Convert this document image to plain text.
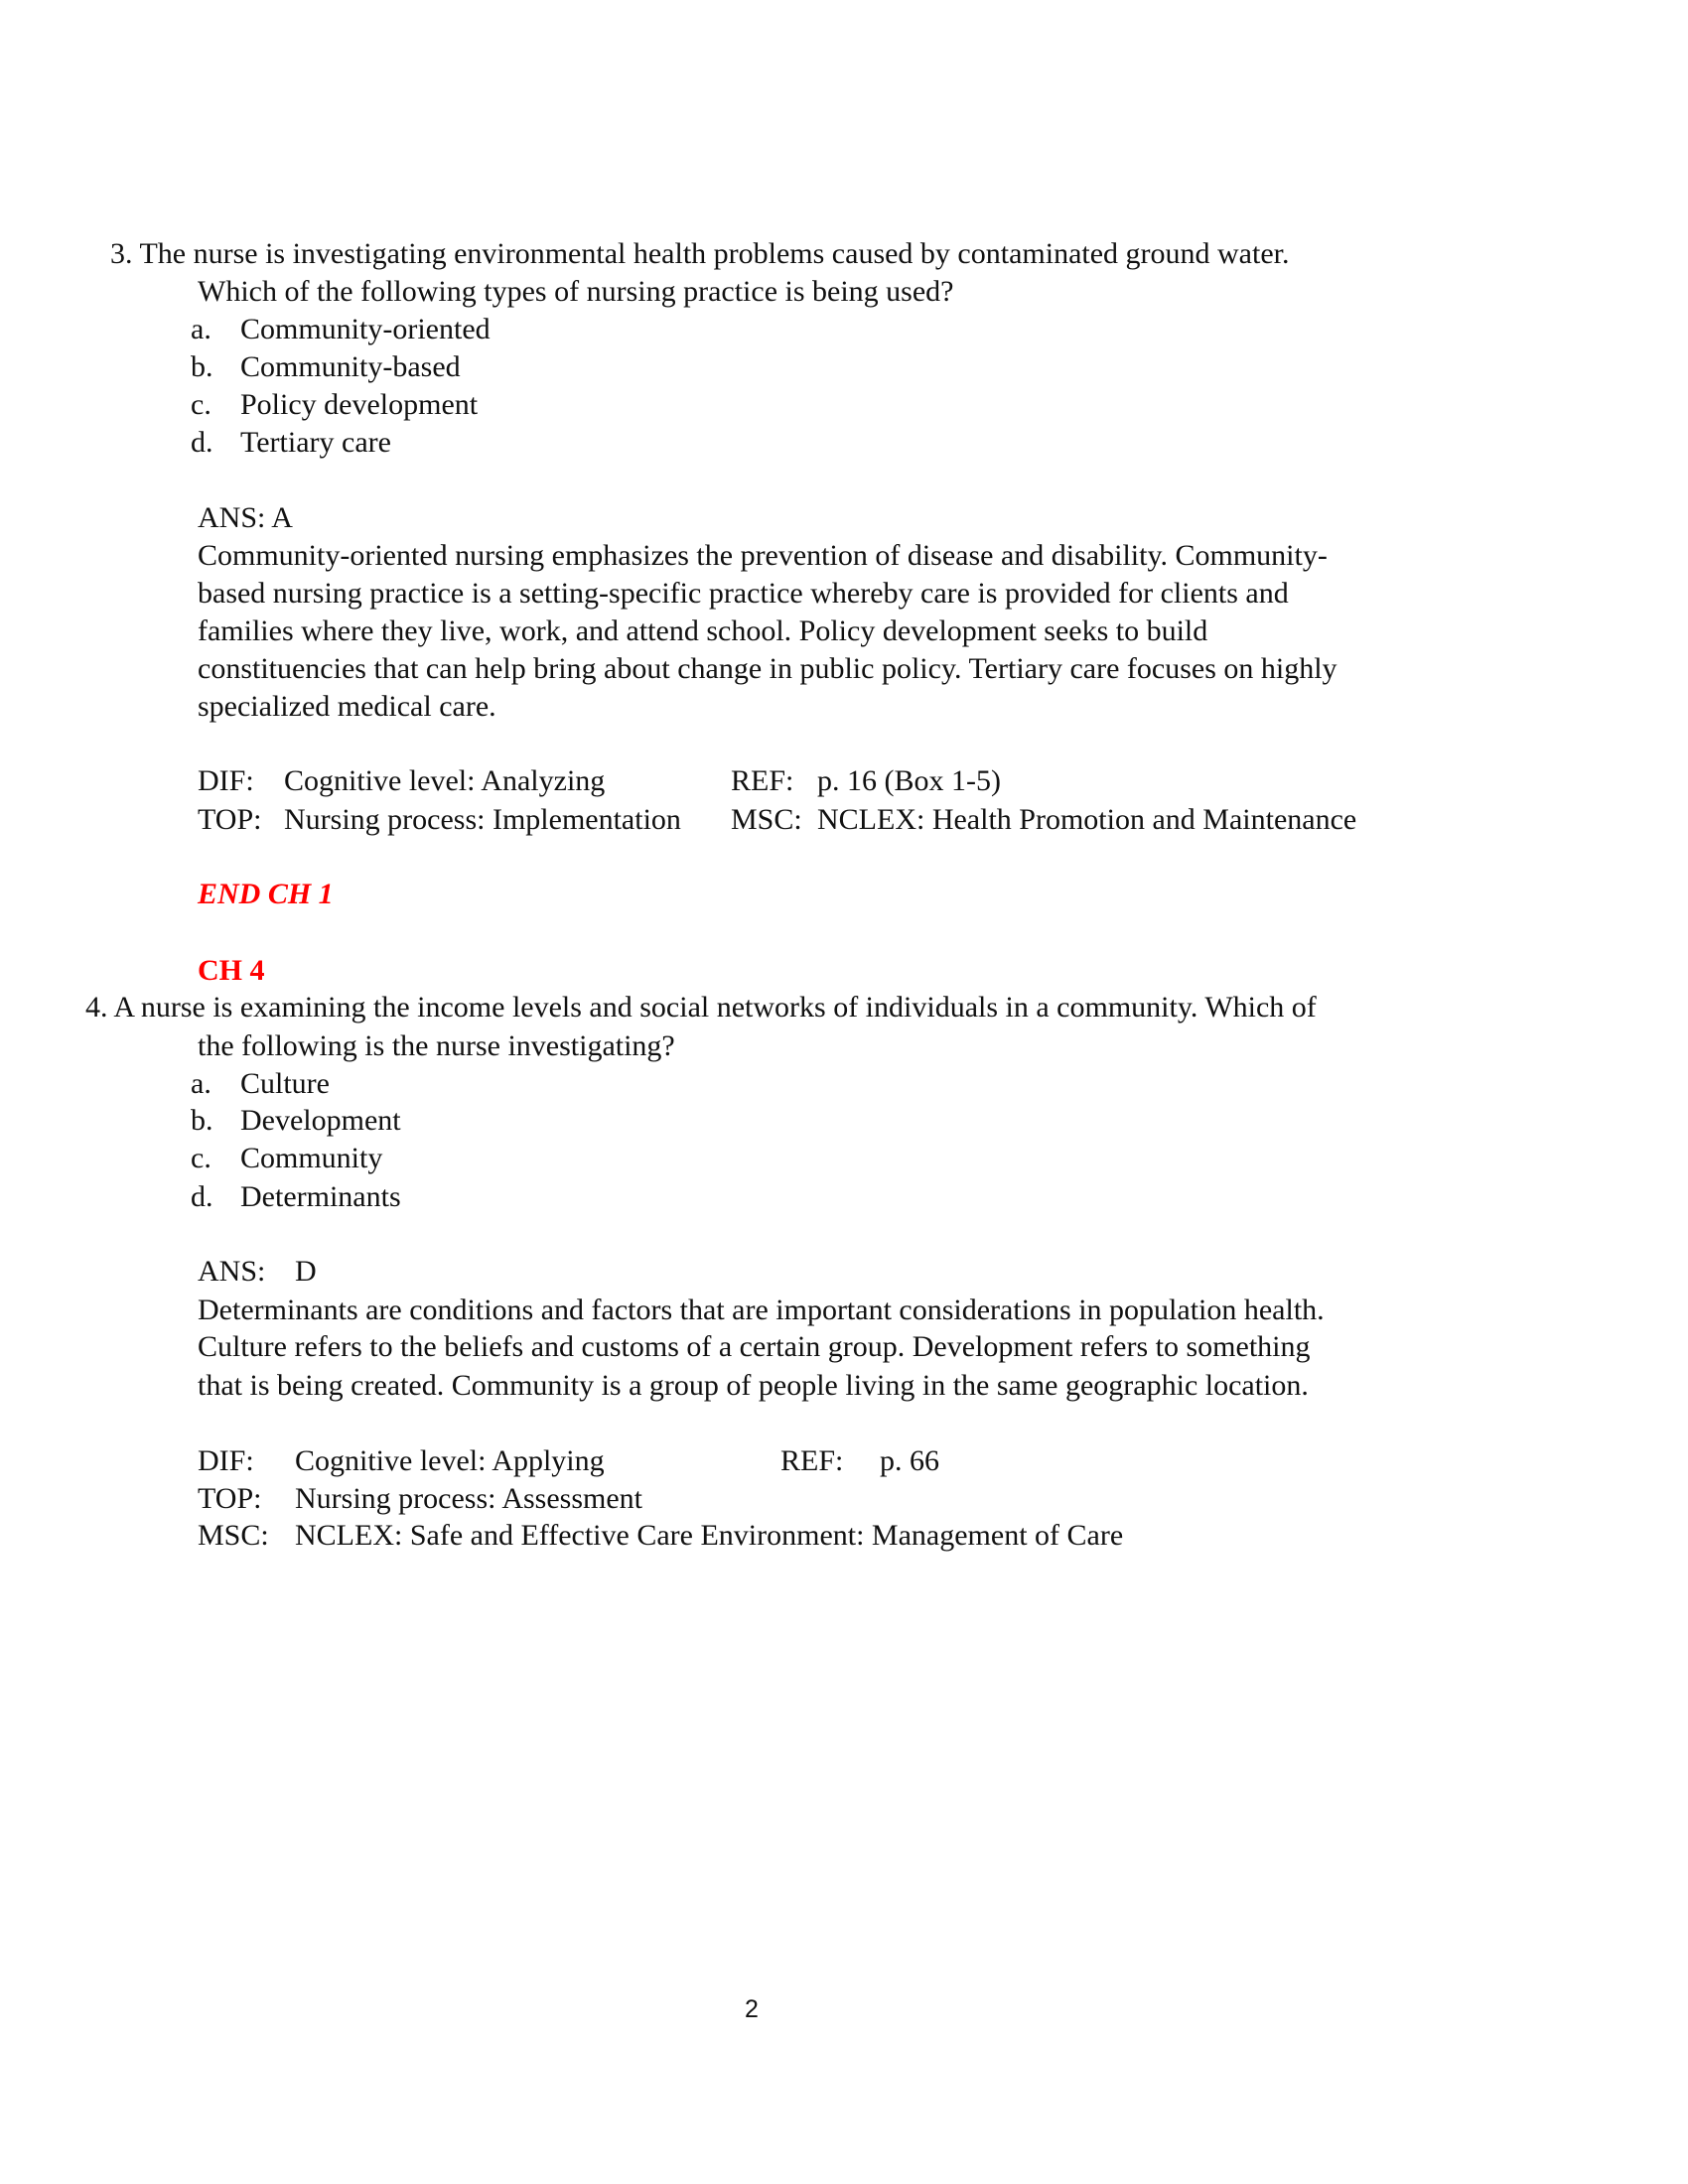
3. The nurse is investigating environmental health problems caused by contaminated ground water.
Which of the following types of nursing practice is being used?
a. Community-oriented
b. Community-based
c. Policy development
d. Tertiary care
ANS: A
Community-oriented nursing emphasizes the prevention of disease and disability. Community-
based nursing practice is a setting-specific practice whereby care is provided for clients and
families where they live, work, and attend school. Policy development seeks to build
constituencies that can help bring about change in public policy. Tertiary care focuses on highly
specialized medical care.
DIF: Cognitive level: Analyzing	REF: p. 16 (Box 1-5)
TOP: Nursing process: Implementation MSC: NCLEX: Health Promotion and Maintenance
END CH 1
CH 4
4. A nurse is examining the income levels and social networks of individuals in a community. Which of
the following is the nurse investigating?
a. Culture
b. Development
c. Community
d. Determinants
ANS: D
Determinants are conditions and factors that are important considerations in population health.
Culture refers to the beliefs and customs of a certain group. Development refers to something
that is being created. Community is a group of people living in the same geographic location.
DIF: Cognitive level: Applying	REF: p. 66
TOP: Nursing process: Assessment
MSC: NCLEX: Safe and Effective Care Environment: Management of Care
2
